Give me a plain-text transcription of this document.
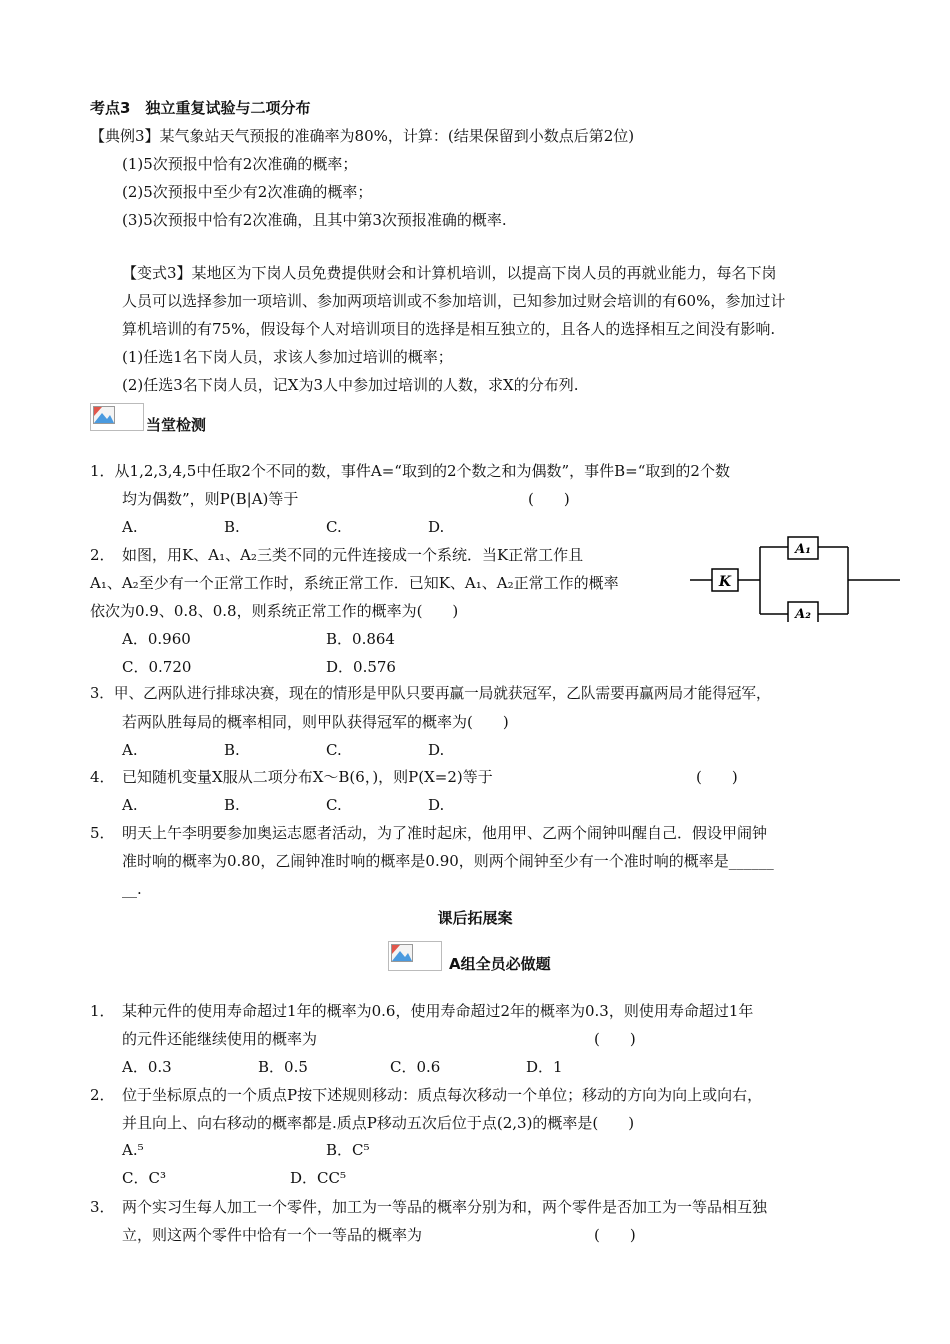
考点3　独立重复试验与二项分布
【典例3】某气象站天气预报的准确率为80%，计算：(结果保留到小数点后第2位)
(1)5次预报中恰有2次准确的概率；
(2)5次预报中至少有2次准确的概率；
(3)5次预报中恰有2次准确，且其中第3次预报准确的概率.
【变式3】某地区为下岗人员免费提供财会和计算机培训，以提高下岗人员的再就业能力，每名下岗
人员可以选择参加一项培训、参加两项培训或不参加培训，已知参加过财会培训的有60%，参加过计
算机培训的有75%，假设每个人对培训项目的选择是相互独立的，且各人的选择相互之间没有影响.
(1)任选1名下岗人员，求该人参加过培训的概率；
(2)任选3名下岗人员，记X为3人中参加过培训的人数，求X的分布列.
当堂检测
1．从1,2,3,4,5中任取2个不同的数，事件A=“取到的2个数之和为偶数”，事件B=“取到的2个数
均为偶数”，则P(B|A)等于	(　　)
A.	B.	C.	D.
2．　如图，用K、A₁、A₂三类不同的元件连接成一个系统．当K正常工作且
A₁、A₂至少有一个正常工作时，系统正常工作．已知K、A₁、A₂正常工作的概率
依次为0.9、0.8、0.8，则系统正常工作的概率为(　　)
K
A₁
A₂
A．0.960	B．0.864
C．0.720	D．0.576
3．甲、乙两队进行排球决赛，现在的情形是甲队只要再赢一局就获冠军，乙队需要再赢两局才能得冠军，
若两队胜每局的概率相同，则甲队获得冠军的概率为(　　)
A.	B.	C.	D.
4．　已知随机变量X服从二项分布X～B(6，)，则P(X=2)等于	(　　)
A.	B.	C.	D.
5．　明天上午李明要参加奥运志愿者活动，为了准时起床，他用甲、乙两个闹钟叫醒自己．假设甲闹钟
准时响的概率为0.80，乙闹钟准时响的概率是0.90，则两个闹钟至少有一个准时响的概率是______
__.
课后拓展案
A组全员必做题
1．　某种元件的使用寿命超过1年的概率为0.6，使用寿命超过2年的概率为0.3，则使用寿命超过1年
的元件还能继续使用的概率为	(　　)
A．0.3	B．0.5	C．0.6	D．1
2．　位于坐标原点的一个质点P按下述规则移动：质点每次移动一个单位；移动的方向为向上或向右，
并且向上、向右移动的概率都是.质点P移动五次后位于点(2,3)的概率是(　　)
A.⁵	B．C⁵
C．C³	D．CC⁵
3．　两个实习生每人加工一个零件，加工为一等品的概率分别为和，两个零件是否加工为一等品相互独
立，则这两个零件中恰有一个一等品的概率为	(　　)
